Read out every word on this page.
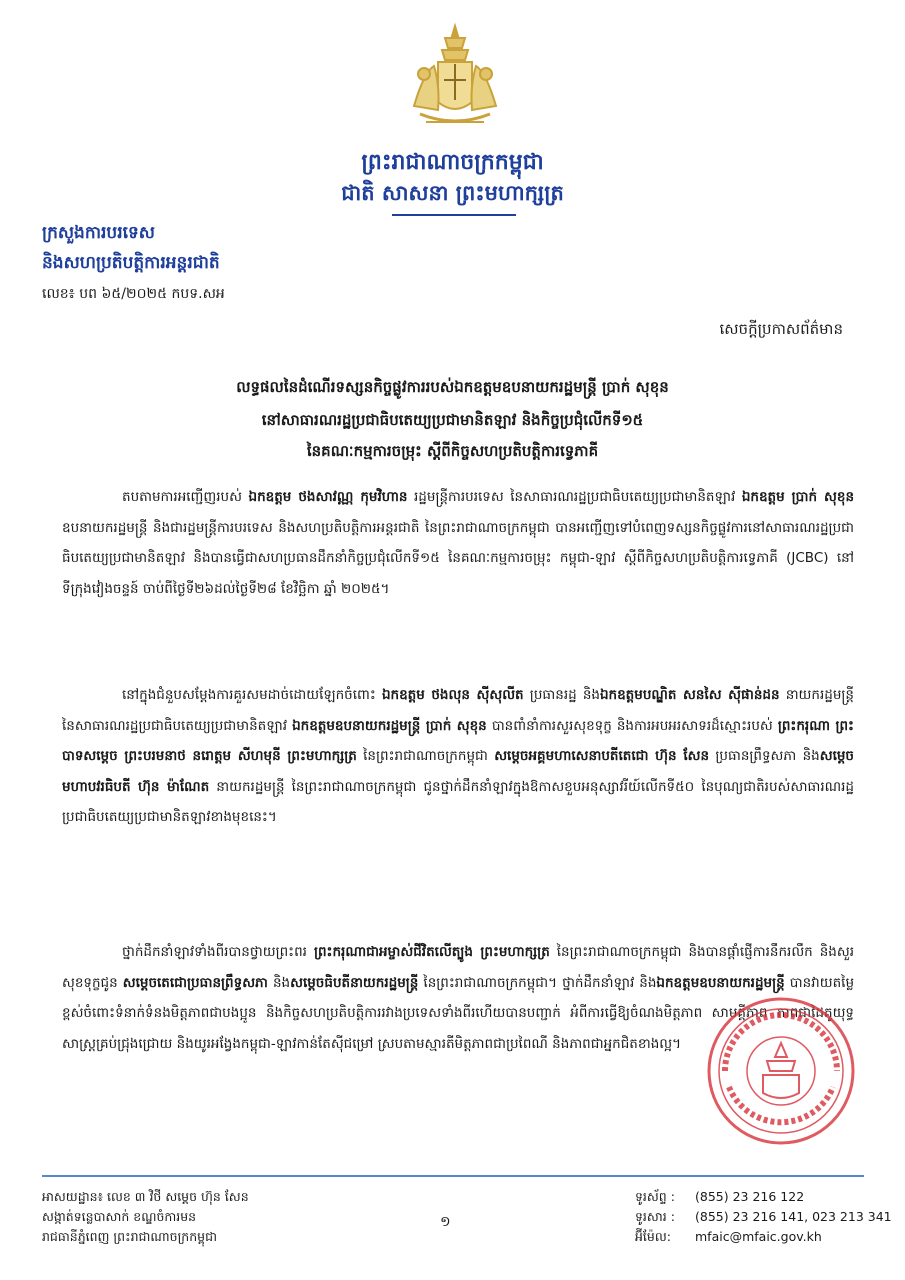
ព្រះរាជាណាចក្រកម្ពុជា
ជាតិ សាសនា ព្រះមហាក្សត្រ
ក្រសួងការបរទេស
និងសហប្រតិបត្តិការអន្តរជាតិ
លេខ៖ បព ៦៥/២០២៥ កបទ.សអ
សេចក្តីប្រកាសព័ត៌មាន
លទ្ធផលនៃដំណើរទស្សនកិច្ចផ្លូវការរបស់ឯកឧត្តមឧបនាយករដ្ឋមន្ត្រី ប្រាក់ សុខុន
នៅសាធារណរដ្ឋប្រជាធិបតេយ្យប្រជាមានិតឡាវ និងកិច្ចប្រជុំលើកទី១៥
នៃគណៈកម្មការចម្រុះ ស្តីពីកិច្ចសហប្រតិបត្តិការទ្វេភាគី
តបតាមការអញ្ជើញរបស់ ឯកឧត្តម ថងសាវណ្ណ កុមវិហាន រដ្ឋមន្ត្រីការបរទេស នៃសាធារណរដ្ឋប្រជាធិបតេយ្យប្រជាមានិតឡាវ ឯកឧត្តម ប្រាក់ សុខុន ឧបនាយករដ្ឋមន្ត្រី និងជារដ្ឋមន្ត្រីការបរទេស និងសហប្រតិបត្តិការអន្តរជាតិ នៃព្រះរាជាណាចក្រកម្ពុជា បានអញ្ជើញទៅបំពេញទស្សនកិច្ចផ្លូវការនៅសាធារណរដ្ឋប្រជាធិបតេយ្យប្រជាមានិតឡាវ និងបានធ្វើជាសហប្រធានដឹកនាំកិច្ចប្រជុំលើកទី១៥ នៃគណៈកម្មការចម្រុះ កម្ពុជា-ឡាវ ស្តីពីកិច្ចសហប្រតិបត្តិការទ្វេភាគី (JCBC) នៅទីក្រុងវៀងចន្ទន៍ ចាប់ពីថ្ងៃទី២៦ដល់ថ្ងៃទី២៨ ខែវិច្ឆិកា ឆ្នាំ ២០២៥។
នៅក្នុងជំនួបសម្តែងការគួរសមដាច់ដោយឡែកចំពោះ ឯកឧត្តម ថងលុន ស៊ីសុលីត ប្រធានរដ្ឋ និងឯកឧត្តមបណ្ឌិត សនសៃ ស៊ីផាន់ដន នាយករដ្ឋមន្ត្រី នៃសាធារណរដ្ឋប្រជាធិបតេយ្យប្រជាមានិតឡាវ ឯកឧត្តមឧបនាយករដ្ឋមន្ត្រី ប្រាក់ សុខុន បានពាំនាំការសួរសុខទុក្ខ និងការអបអរសាទរដ៏ស្មោះរបស់ ព្រះករុណា ព្រះបាទសម្តេច ព្រះបរមនាថ នរោត្តម សីហមុនី ព្រះមហាក្សត្រ នៃព្រះរាជាណាចក្រកម្ពុជា សម្តេចអគ្គមហាសេនាបតីតេជោ ហ៊ុន សែន ប្រធានព្រឹទ្ធសភា និងសម្តេចមហាបវរធិបតី ហ៊ុន ម៉ាណែត នាយករដ្ឋមន្ត្រី នៃព្រះរាជាណាចក្រកម្ពុជា ជូនថ្នាក់ដឹកនាំឡាវក្នុងឱកាសខួបអនុស្សាវរីយ៍លើកទី៥០ នៃបុណ្យជាតិរបស់សាធារណរដ្ឋប្រជាធិបតេយ្យប្រជាមានិតឡាវខាងមុខនេះ។
ថ្នាក់ដឹកនាំឡាវទាំងពីរបានថ្វាយព្រះពរ ព្រះករុណាជាអម្ចាស់ជីវិតលើត្បូង ព្រះមហាក្សត្រ នៃព្រះរាជាណាចក្រកម្ពុជា និងបានផ្តាំផ្ញើការនឹករលឹក និងសួរសុខទុក្ខជូន សម្តេចតេជោប្រធានព្រឹទ្ធសភា និងសម្តេចធិបតីនាយករដ្ឋមន្ត្រី នៃព្រះរាជាណាចក្រកម្ពុជា។ ថ្នាក់ដឹកនាំឡាវ និងឯកឧត្តមឧបនាយករដ្ឋមន្ត្រី បានវាយតម្លៃខ្ពស់ចំពោះទំនាក់ទំនងមិត្តភាពជាបងប្អូន និងកិច្ចសហប្រតិបត្តិការរវាងប្រទេសទាំងពីរហើយបានបញ្ជាក់ អំពីការធ្វើឱ្យចំណងមិត្តភាព សាមគ្គីភាព ភាពជាដៃគូយុទ្ធសាស្ត្រគ្រប់ជ្រុងជ្រោយ និងយូរអង្វែងកម្ពុជា-ឡាវកាន់តែស៊ីជម្រៅ ស្របតាមស្មារតីមិត្តភាពជាប្រពៃណី និងភាពជាអ្នកជិតខាងល្អ។
អាសយដ្ឋាន៖ លេខ ៣ វិថី សម្តេច ហ៊ុន សែន
សង្កាត់ទន្លេបាសាក់ ខណ្ឌចំការមន
រាជធានីភ្នំពេញ ព្រះរាជាណាចក្រកម្ពុជា
១
ទូរស័ព្ទ :	(855) 23 216 122
ទូរសារ :	(855) 23 216 141, 023 213 341
អ៊ីម៉ែល:	mfaic@mfaic.gov.kh
